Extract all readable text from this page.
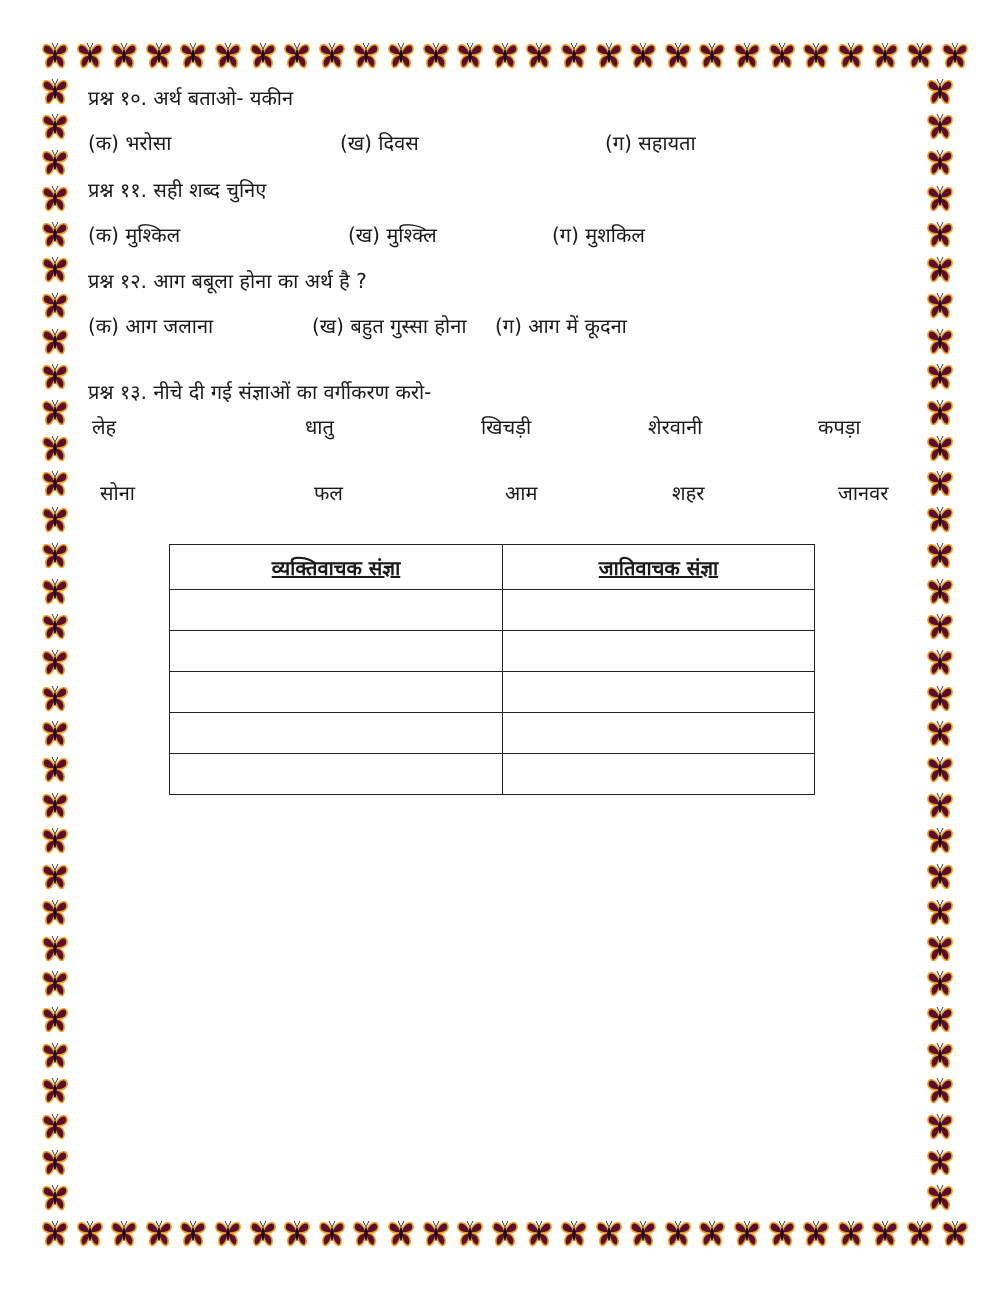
प्रश्न १०. अर्थ बताओ- यकीन
(क) भरोसा	(ख) दिवस	(ग) सहायता
प्रश्न ११. सही शब्द चुनिए
(क) मुश्किल	(ख) मुश्क्लि	(ग) मुशकिल
प्रश्न १२. आग बबूला होना का अर्थ है ?
(क) आग जलाना	(ख) बहुत गुस्सा होना (ग) आग में कूदना
प्रश्न १३. नीचे दी गई संज्ञाओं का वर्गीकरण करो-
लेह	धातु	खिचड़ी	शेरवानी	कपड़ा
सोना	फल	आम	शहर	जानवर
व्यक्तिवाचक संज्ञा	जातिवाचक संज्ञा
